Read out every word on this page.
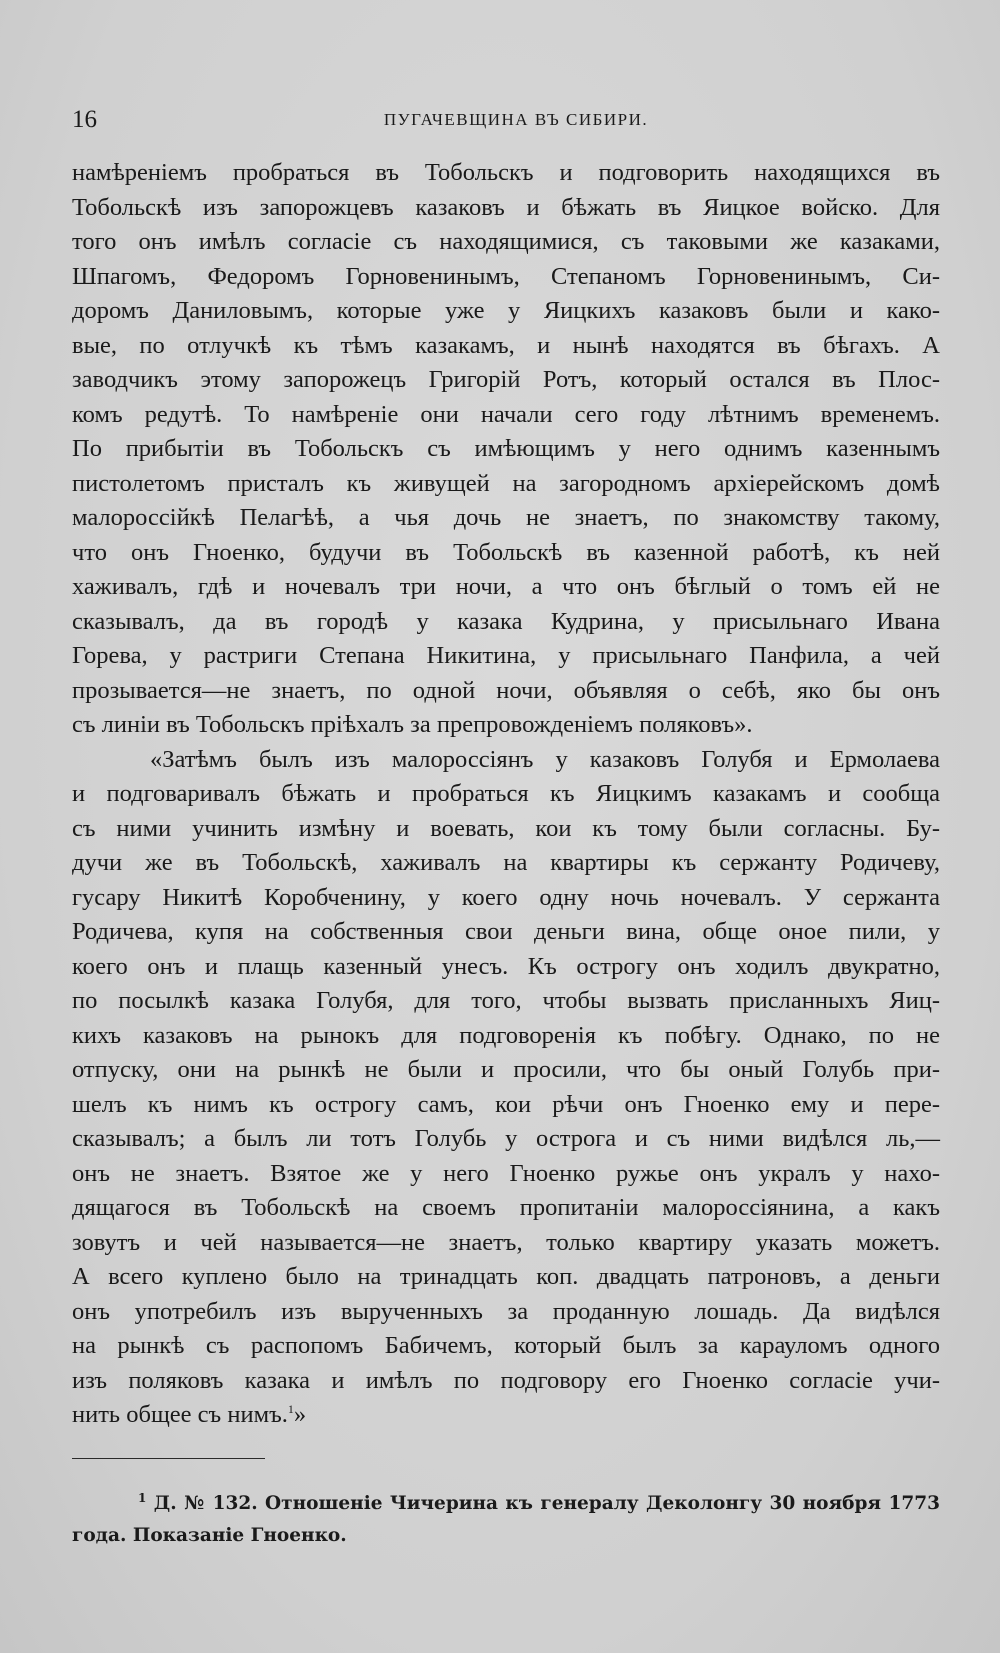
16	ПУГАЧЕВЩИНА ВЪ СИБИРИ.
намѣреніемъ пробраться въ Тобольскъ и подговорить находящихся въ
Тобольскѣ изъ запорожцевъ казаковъ и бѣжать въ Яицкое войско. Для
того онъ имѣлъ согласіе съ находящимися, съ таковыми же казаками,
Шпагомъ, Федоромъ Горновенинымъ, Степаномъ Горновенинымъ, Си-
доромъ Даниловымъ, которые уже у Яицкихъ казаковъ были и како-
вые, по отлучкѣ къ тѣмъ казакамъ, и нынѣ находятся въ бѣгахъ. А
заводчикъ этому запорожецъ Григорій Ротъ, который остался въ Плос-
комъ редутѣ. То намѣреніе они начали сего году лѣтнимъ временемъ.
По прибытіи въ Тобольскъ съ имѣющимъ у него однимъ казеннымъ
пистолетомъ присталъ къ живущей на загородномъ архіерейскомъ домѣ
малороссійкѣ Пелагѣѣ, а чья дочь не знаетъ, по знакомству такому,
что онъ Гноенко, будучи въ Тобольскѣ въ казенной работѣ, къ ней
хаживалъ, гдѣ и ночевалъ три ночи, а что онъ бѣглый о томъ ей не
сказывалъ, да въ городѣ у казака Кудрина, у присыльнаго Ивана
Горева, у растриги Степана Никитина, у присыльнаго Панфила, а чей
прозывается—не знаетъ, по одной ночи, объявляя о себѣ, яко бы онъ
съ линіи въ Тобольскъ пріѣхалъ за препровожденіемъ поляковъ».
«Затѣмъ былъ изъ малороссіянъ у казаковъ Голубя и Ермолаева
и подговаривалъ бѣжать и пробраться къ Яицкимъ казакамъ и сообща
съ ними учинить измѣну и воевать, кои къ тому были согласны. Бу-
дучи же въ Тобольскѣ, хаживалъ на квартиры къ сержанту Родичеву,
гусару Никитѣ Коробченину, у коего одну ночь ночевалъ. У сержанта
Родичева, купя на собственныя свои деньги вина, обще оное пили, у
коего онъ и плащь казенный унесъ. Къ острогу онъ ходилъ двукратно,
по посылкѣ казака Голубя, для того, чтобы вызвать присланныхъ Яиц-
кихъ казаковъ на рынокъ для подговоренія къ побѣгу. Однако, по не
отпуску, они на рынкѣ не были и просили, что бы оный Голубь при-
шелъ къ нимъ къ острогу самъ, кои рѣчи онъ Гноенко ему и пере-
сказывалъ; а былъ ли тотъ Голубь у острога и съ ними видѣлся ль,—
онъ не знаетъ. Взятое же у него Гноенко ружье онъ укралъ у нахо-
дящагося въ Тобольскѣ на своемъ пропитаніи малороссіянина, а какъ
зовутъ и чей называется—не знаетъ, только квартиру указать можетъ.
А всего куплено было на тринадцать коп. двадцать патроновъ, а деньги
онъ употребилъ изъ вырученныхъ за проданную лошадь. Да видѣлся
на рынкѣ съ распопомъ Бабичемъ, который былъ за карауломъ одного
изъ поляковъ казака и имѣлъ по подговору его Гноенко согласіе учи-
нить общее съ нимъ.$^1$»
$^1$ Д. № 132. Отношеніе Чичерина къ генералу Деколонгу 30 ноября 1773
года. Показаніе Гноенко.
